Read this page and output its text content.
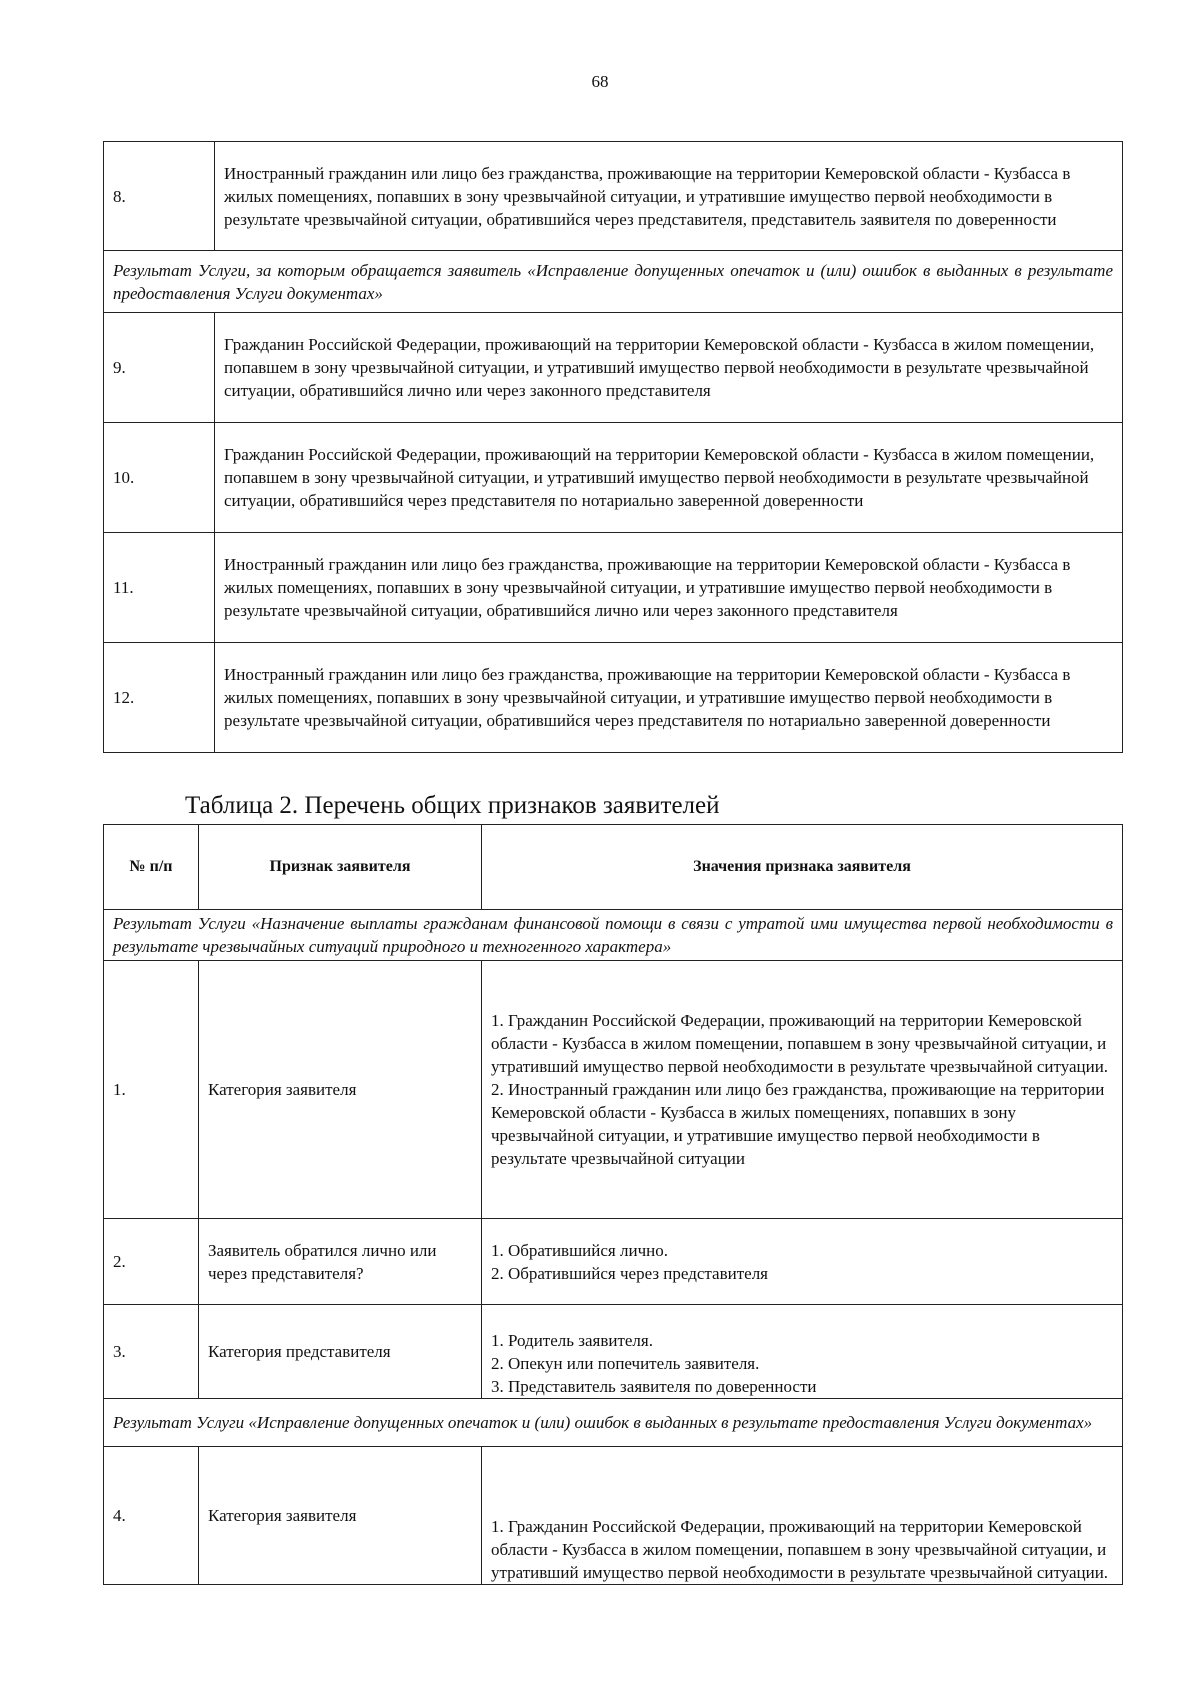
68
8.	Иностранный гражданин или лицо без гражданства, проживающие на территории Кемеровской области - Кузбасса в жилых помещениях, попавших в зону чрезвычайной ситуации, и утратившие имущество первой необходимости в результате чрезвычайной ситуации, обратившийся через представителя, представитель заявителя по доверенности
Результат Услуги, за которым обращается заявитель «Исправление допущенных опечаток и (или) ошибок в выданных в результате предоставления Услуги документах»	
9.	Гражданин Российской Федерации, проживающий на территории Кемеровской области - Кузбасса в жилом помещении, попавшем в зону чрезвычайной ситуации, и утративший имущество первой необходимости в результате чрезвычайной ситуации, обратившийся лично или через законного представителя
10.	Гражданин Российской Федерации, проживающий на территории Кемеровской области - Кузбасса в жилом помещении, попавшем в зону чрезвычайной ситуации, и утративший имущество первой необходимости в результате чрезвычайной ситуации, обратившийся через представителя по нотариально заверенной доверенности
11.	Иностранный гражданин или лицо без гражданства, проживающие на территории Кемеровской области - Кузбасса в жилых помещениях, попавших в зону чрезвычайной ситуации, и утратившие имущество первой необходимости в результате чрезвычайной ситуации, обратившийся лично или через законного представителя
12.	Иностранный гражданин или лицо без гражданства, проживающие на территории Кемеровской области - Кузбасса в жилых помещениях, попавших в зону чрезвычайной ситуации, и утратившие имущество первой необходимости в результате чрезвычайной ситуации, обратившийся через представителя по нотариально заверенной доверенности
Таблица 2. Перечень общих признаков заявителей
№ п/п	Признак заявителя	Значения признака заявителя
Результат Услуги «Назначение выплаты гражданам финансовой помощи в связи с утратой ими имущества первой необходимости в результате чрезвычайных ситуаций природного и техногенного характера»		
1.	Категория заявителя	1. Гражданин Российской Федерации, проживающий на территории Кемеровской области - Кузбасса в жилом помещении, попавшем в зону чрезвычайной ситуации, и утративший имущество первой необходимости в результате чрезвычайной ситуации.
2. Иностранный гражданин или лицо без гражданства, проживающие на территории Кемеровской области - Кузбасса в жилых помещениях, попавших в зону чрезвычайной ситуации, и утратившие имущество первой необходимости в результате чрезвычайной ситуации

2.	Заявитель обратился лично или через представителя?	1. Обратившийся лично.
2. Обратившийся через представителя

3.	Категория представителя	1. Родитель заявителя.
2. Опекун или попечитель заявителя.
3. Представитель заявителя по доверенности

Результат Услуги «Исправление допущенных опечаток и (или) ошибок в выданных в результате предоставления Услуги документах»		
4.	Категория заявителя	1. Гражданин Российской Федерации, проживающий на территории Кемеровской области - Кузбасса в жилом помещении, попавшем в зону чрезвычайной ситуации, и утративший имущество первой необходимости в результате чрезвычайной ситуации.
